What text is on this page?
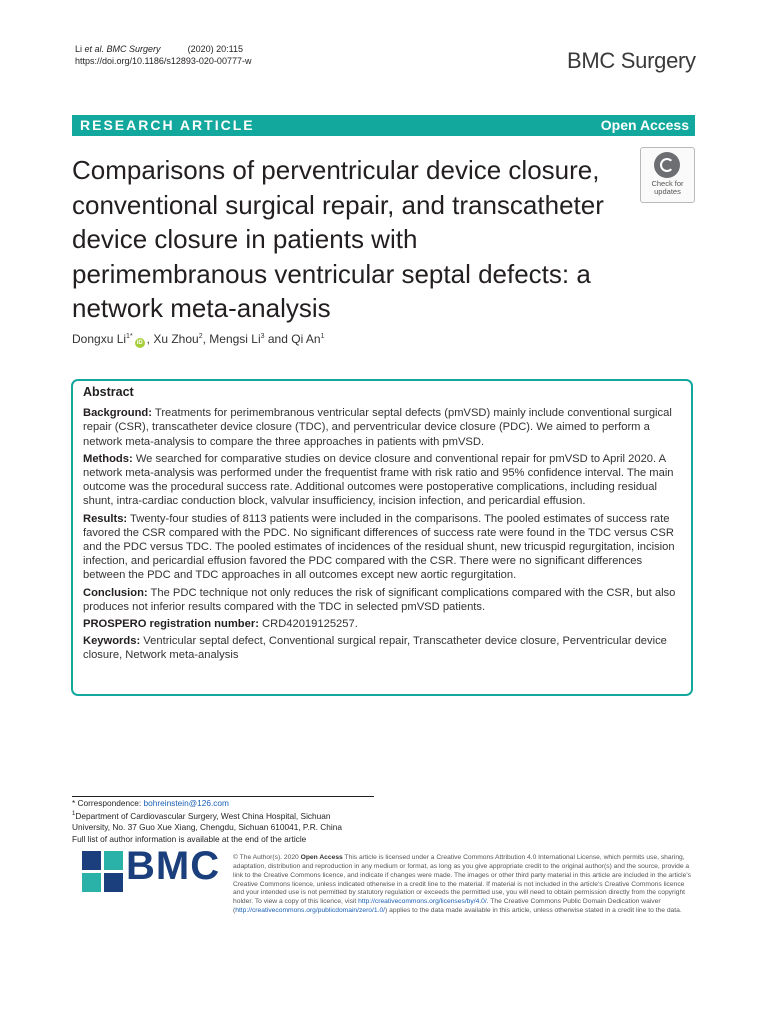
Li et al. BMC Surgery	(2020) 20:115
https://doi.org/10.1186/s12893-020-00777-w	BMC Surgery
RESEARCH ARTICLE	Open Access
Comparisons of perventricular device closure, conventional surgical repair, and transcatheter device closure in patients with perimembranous ventricular septal defects: a network meta-analysis
Check for
updates
Dongxu $Li^{1*}iD$ , Xu Zhou$^2$, Mengsi Li$^3$ and Qi An$^1$
Abstract

Background: Treatments for perimembranous ventricular septal defects (pmVSD) mainly include conventional surgical repair (CSR), transcatheter device closure (TDC), and perventricular device closure (PDC). We aimed to perform a network meta-analysis to compare the three approaches in patients with pmVSD.

Methods: We searched for comparative studies on device closure and conventional repair for pmVSD to April 2020. A network meta-analysis was performed under the frequentist frame with risk ratio and 95% confidence interval. The main outcome was the procedural success rate. Additional outcomes were postoperative complications, including residual shunt, intra-cardiac conduction block, valvular insufficiency, incision infection, and pericardial effusion.

Results: Twenty-four studies of 8113 patients were included in the comparisons. The pooled estimates of success rate favored the CSR compared with the PDC. No significant differences of success rate were found in the TDC versus CSR and the PDC versus TDC. The pooled estimates of incidences of the residual shunt, new tricuspid regurgitation, incision infection, and pericardial effusion favored the PDC compared with the CSR. There were no significant differences between the PDC and TDC approaches in all outcomes except new aortic regurgitation.

Conclusion: The PDC technique not only reduces the risk of significant complications compared with the CSR, but also produces not inferior results compared with the TDC in selected pmVSD patients.

PROSPERO registration number: CRD42019125257.

Keywords: Ventricular septal defect, Conventional surgical repair, Transcatheter device closure, Perventricular device closure, Network meta-analysis

* Correspondence: bohreinstein@126.com
$^1$Department of Cardiovascular Surgery, West China Hospital, Sichuan
University, No. 37 Guo Xue Xiang, Chengdu, Sichuan 610041, P.R. China
Full list of author information is available at the end of the article
BMC © The Author(s). 2020 Open Access This article is licensed under a Creative Commons Attribution 4.0 International License, which permits use, sharing, adaptation, distribution and reproduction in any medium or format, as long as you give appropriate credit to the original author(s) and the source, provide a link to the Creative Commons licence, and indicate if changes were made. The images or other third party material in this article are included in the article's Creative Commons licence, unless indicated otherwise in a credit line to the material. If material is not included in the article's Creative Commons licence and your intended use is not permitted by statutory regulation or exceeds the permitted use, you will need to obtain permission directly from the copyright holder. To view a copy of this licence, visit http://creativecommons.org/licenses/by/4.0/. The Creative Commons Public Domain Dedication waiver (http://creativecommons.org/publicdomain/zero/1.0/) applies to the data made available in this article, unless otherwise stated in a credit line to the data.
